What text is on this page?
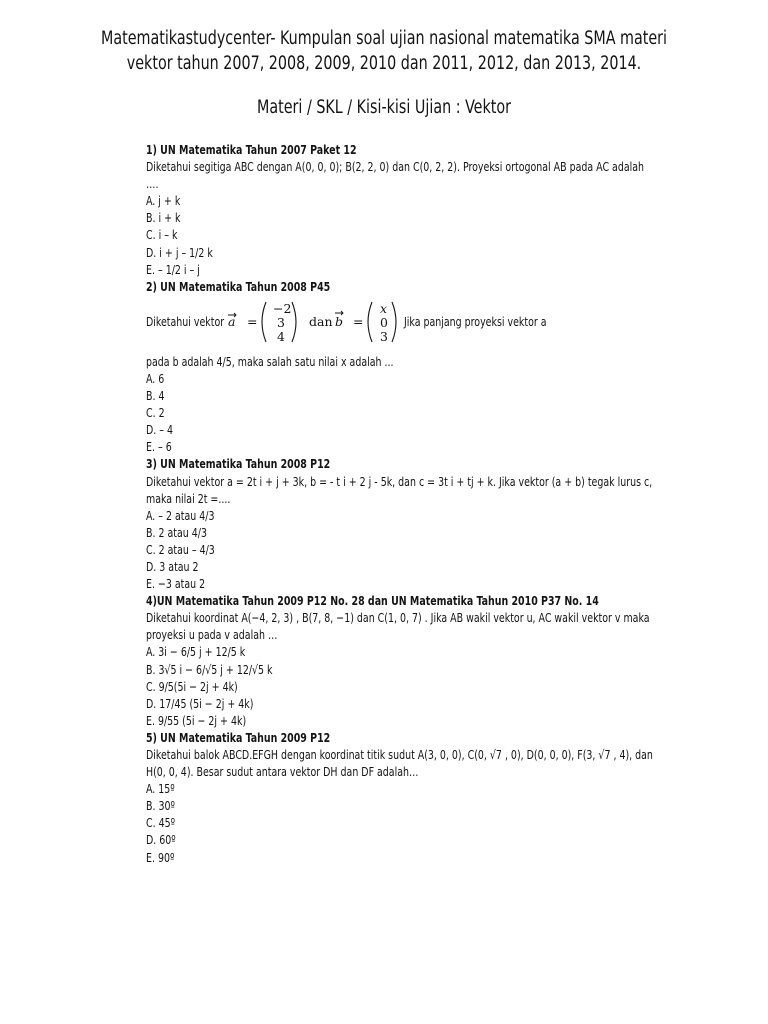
Matematikastudycenter- Kumpulan soal ujian nasional matematika SMA materi
vektor tahun 2007, 2008, 2009, 2010 dan 2011, 2012, dan 2013, 2014.
Materi / SKL / Kisi-kisi Ujian : Vektor
1) UN Matematika Tahun 2007 Paket 12
Diketahui segitiga ABC dengan A(0, 0, 0); B(2, 2, 0) dan C(0, 2, 2). Proyeksi ortogonal AB pada AC adalah
….
A. j + k
B. i + k
C. i – k
D. i + j – 1/2 k
E. – 1/2 i – j
2) UN Matematika Tahun 2008 P45
Diketahui vektor a =
−2
3
4
dan b =
x
0
3
Jika panjang proyeksi vektor a
pada b adalah 4/5, maka salah satu nilai x adalah ...
A. 6
B. 4
C. 2
D. – 4
E. – 6
3) UN Matematika Tahun 2008 P12
Diketahui vektor a = 2t i + j + 3k, b = - t i + 2 j - 5k, dan c = 3t i + tj + k. Jika vektor (a + b) tegak lurus c,
maka nilai 2t =....
A. – 2 atau 4/3
B. 2 atau 4/3
C. 2 atau – 4/3
D. 3 atau 2
E. −3 atau 2
4)UN Matematika Tahun 2009 P12 No. 28 dan UN Matematika Tahun 2010 P37 No. 14
Diketahui koordinat A(−4, 2, 3) , B(7, 8, −1) dan C(1, 0, 7) . Jika AB wakil vektor u, AC wakil vektor v maka
proyeksi u pada v adalah …
A. 3i − 6/5 j + 12/5 k
B. 3√5 i − 6/√5 j + 12/√5 k
C. 9/5(5i − 2j + 4k)
D. 17/45 (5i − 2j + 4k)
E. 9/55 (5i − 2j + 4k)
5) UN Matematika Tahun 2009 P12
Diketahui balok ABCD.EFGH dengan koordinat titik sudut A(3, 0, 0), C(0, √7 , 0), D(0, 0, 0), F(3, √7 , 4), dan
H(0, 0, 4). Besar sudut antara vektor DH dan DF adalah…
A. 15º
B. 30º
C. 45º
D. 60º
E. 90º
